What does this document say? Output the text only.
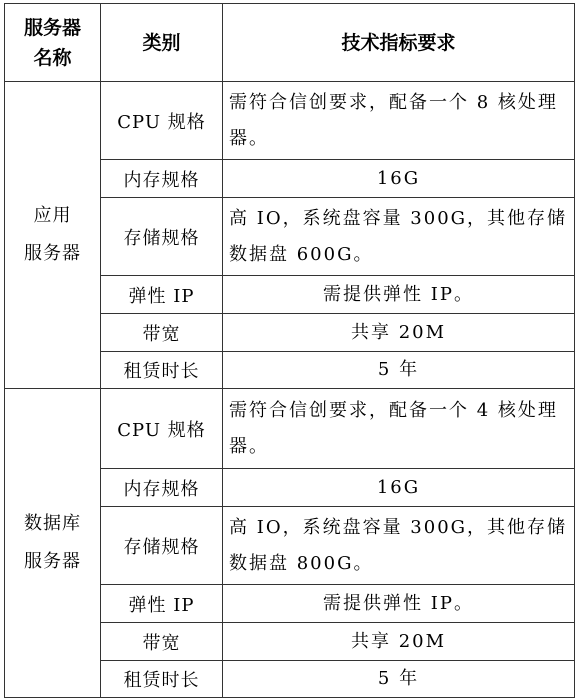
服务器
名称	类别	技术指标要求

应用
服务器	CPU 规格	需符合信创要求，配备一个 8 核处理器。
	内存规格	16G
	存储规格	高 IO，系统盘容量 300G，其他存储数据盘 600G。
	弹性 IP	需提供弹性 IP。
	带宽	共享 20M
	租赁时长	5 年

数据库
服务器	CPU 规格	需符合信创要求，配备一个 4 核处理器。
	内存规格	16G
	存储规格	高 IO，系统盘容量 300G，其他存储数据盘 800G。
	弹性 IP	需提供弹性 IP。
	带宽	共享 20M
	租赁时长	5 年
